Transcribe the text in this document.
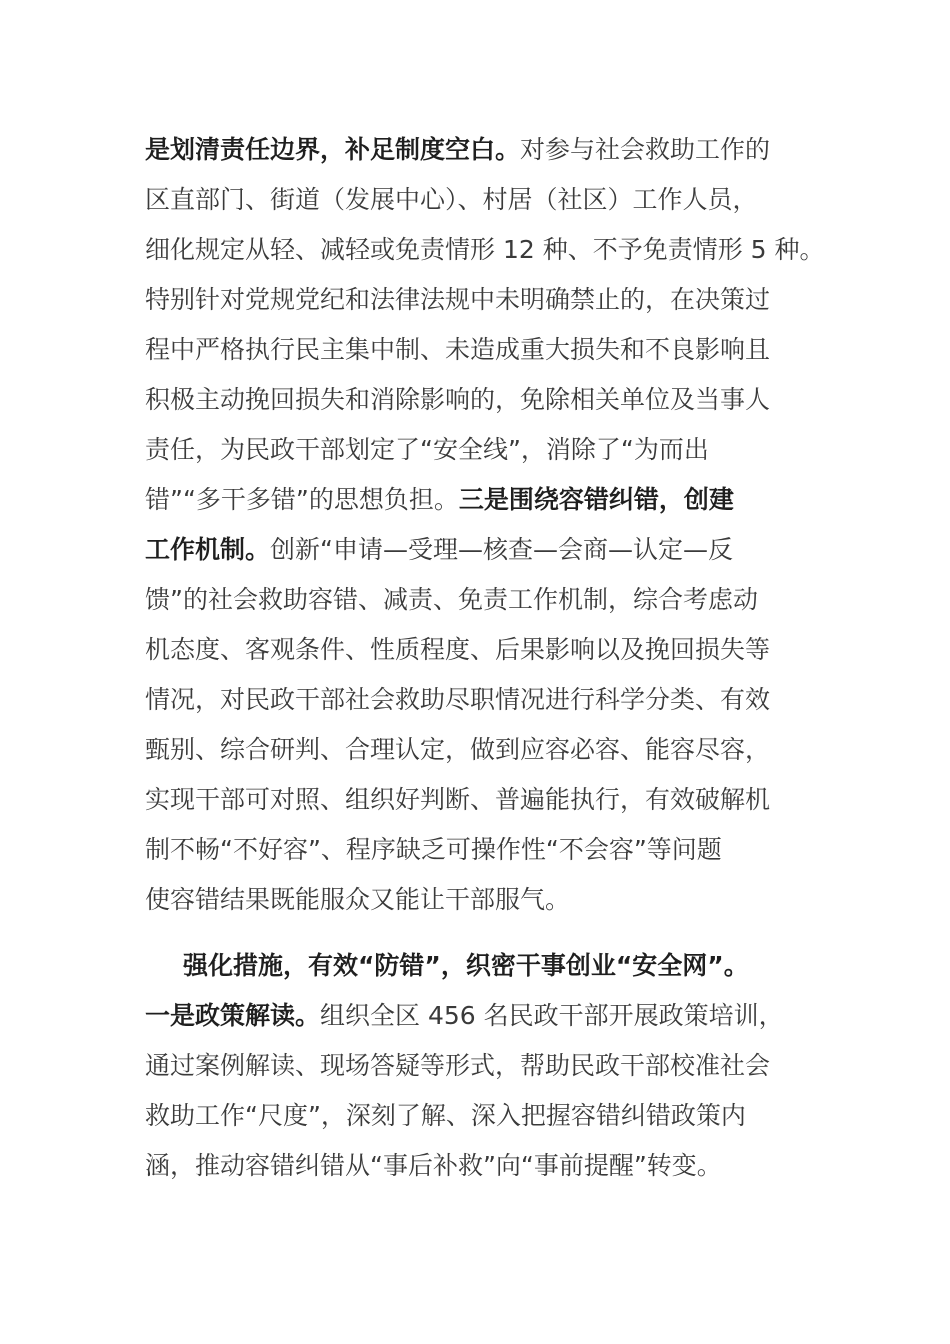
是划清责任边界，补足制度空白。对参与社会救助工作的
区直部门、街道（发展中心）、村居（社区）工作人员，
细化规定从轻、减轻或免责情形 12 种、不予免责情形 5 种。
特别针对党规党纪和法律法规中未明确禁止的，在决策过
程中严格执行民主集中制、未造成重大损失和不良影响且
积极主动挽回损失和消除影响的，免除相关单位及当事人
责任，为民政干部划定了“安全线”，消除了“为而出
错”“多干多错”的思想负担。三是围绕容错纠错，创建
工作机制。创新“申请—受理—核查—会商—认定—反
馈”的社会救助容错、减责、免责工作机制，综合考虑动
机态度、客观条件、性质程度、后果影响以及挽回损失等
情况，对民政干部社会救助尽职情况进行科学分类、有效
甄别、综合研判、合理认定，做到应容必容、能容尽容，
实现干部可对照、组织好判断、普遍能执行，有效破解机
制不畅“不好容”、程序缺乏可操作性“不会容”等问题
使容错结果既能服众又能让干部服气。
强化措施，有效“防错”，织密干事创业“安全网”。
一是政策解读。组织全区 456 名民政干部开展政策培训，
通过案例解读、现场答疑等形式，帮助民政干部校准社会
救助工作“尺度”，深刻了解、深入把握容错纠错政策内
涵，推动容错纠错从“事后补救”向“事前提醒”转变。
